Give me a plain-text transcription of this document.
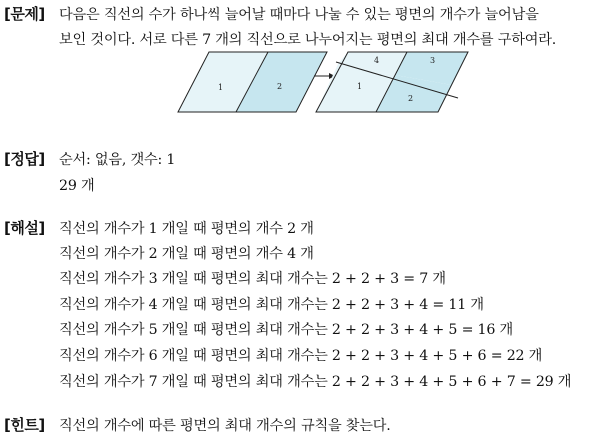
[문제] 다음은 직선의 수가 하나씩 늘어날 때마다 나눌 수 있는 평면의 개수가 늘어남을
보인 것이다. 서로 다른 7 개의 직선으로 나누어지는 평면의 최대 개수를 구하여라.
1	2
4	3
1
2
[정답] 순서: 없음, 갯수: 1
29 개
[해설] 직선의 개수가 1 개일 때 평면의 개수 2 개
직선의 개수가 2 개일 때 평면의 개수 4 개
직선의 개수가 3 개일 때 평면의 최대 개수는 2 + 2 + 3 = 7 개
직선의 개수가 4 개일 때 평면의 최대 개수는 2 + 2 + 3 + 4 = 11 개
직선의 개수가 5 개일 때 평면의 최대 개수는 2 + 2 + 3 + 4 + 5 = 16 개
직선의 개수가 6 개일 때 평면의 최대 개수는 2 + 2 + 3 + 4 + 5 + 6 = 22 개
직선의 개수가 7 개일 때 평면의 최대 개수는 2 + 2 + 3 + 4 + 5 + 6 + 7 = 29 개
[힌트] 직선의 개수에 따른 평면의 최대 개수의 규칙을 찾는다.
